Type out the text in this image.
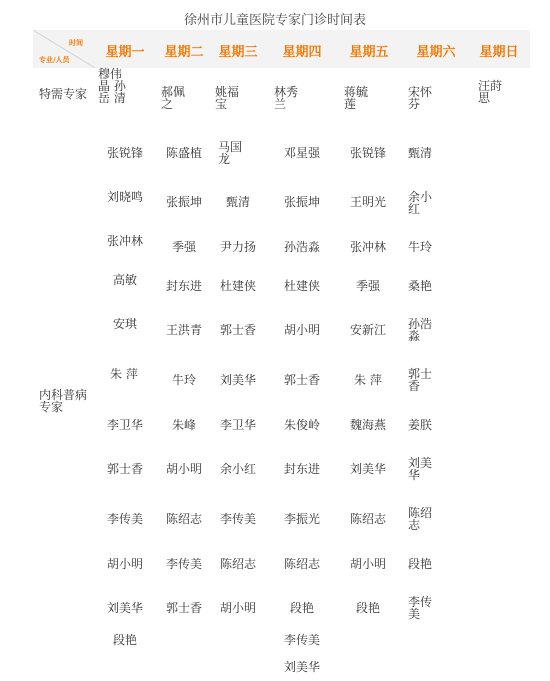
徐州市儿童医院专家门诊时间表
时间
专业/人员	星期一 星期二 星期三 星期四 星期五 星期六 星期日
特需专家
内科普病专家
穆伟 晶 孙岳 清	郝佩 之
姚福 宝
林秀 兰
蒋毓 莲
宋怀 芬
汪莳 思
张锐锋
刘晓鸣
张冲林
高敏
安琪
朱 萍
李卫华
郭士香
李传美
胡小明
刘美华
段艳
陈盛植
张振坤
季强
封东进
王洪青
牛玲
朱峰
胡小明
陈绍志
李传美
郭士香
马国 龙
甄清
尹力扬
杜建侠
郭士香
刘美华
李卫华
余小红
李传美
陈绍志
胡小明
邓星强
张振坤
孙浩淼
杜建侠
胡小明
郭士香
朱俊岭
封东进
李振光
陈绍志
段艳
李传美
刘美华
张锐锋
王明光
张冲林
季强
安新江
朱 萍
魏海燕
刘美华
陈绍志
胡小明
段艳
甄清
余小 红
牛玲
桑艳
孙浩 淼
郭士 香
姜朕
刘美 华
陈绍 志
段艳
李传 美
